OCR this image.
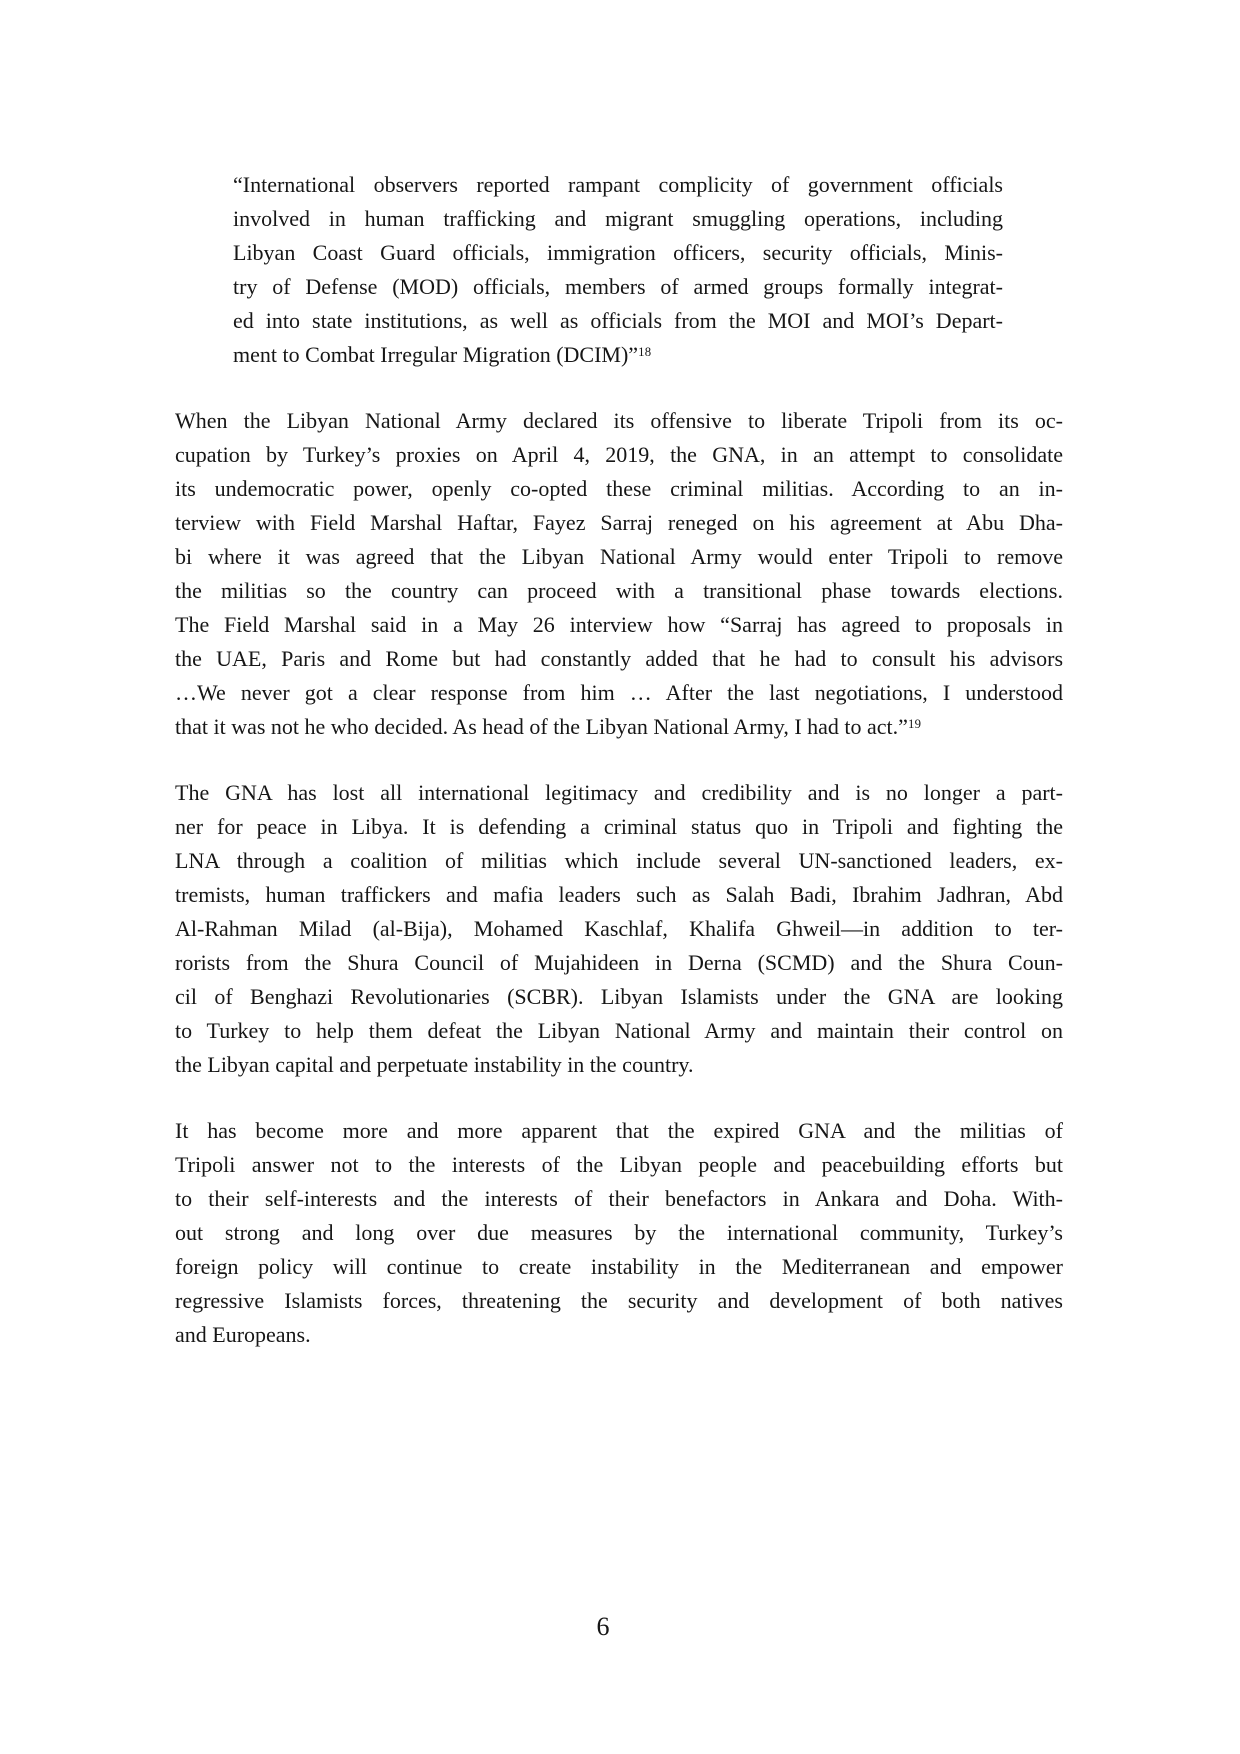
“International observers reported rampant complicity of government officials
involved in human trafficking and migrant smuggling operations, including
Libyan Coast Guard officials, immigration officers, security officials, Minis-
try of Defense (MOD) officials, members of armed groups formally integrat-
ed into state institutions, as well as officials from the MOI and MOI’s Depart-
ment to Combat Irregular Migration (DCIM)”$^{18}$
When the Libyan National Army declared its offensive to liberate Tripoli from its oc-
cupation by Turkey’s proxies on April 4, 2019, the GNA, in an attempt to consolidate
its undemocratic power, openly co-opted these criminal militias. According to an in-
terview with Field Marshal Haftar, Fayez Sarraj reneged on his agreement at Abu Dha-
bi where it was agreed that the Libyan National Army would enter Tripoli to remove
the militias so the country can proceed with a transitional phase towards elections.
The Field Marshal said in a May 26 interview how “Sarraj has agreed to proposals in
the UAE, Paris and Rome but had constantly added that he had to consult his advisors
…We never got a clear response from him … After the last negotiations, I understood
that it was not he who decided. As head of the Libyan National Army, I had to act.”$^{19}$
The GNA has lost all international legitimacy and credibility and is no longer a part-
ner for peace in Libya. It is defending a criminal status quo in Tripoli and fighting the
LNA through a coalition of militias which include several UN-sanctioned leaders, ex-
tremists, human traffickers and mafia leaders such as Salah Badi, Ibrahim Jadhran, Abd
Al-Rahman Milad (al-Bija), Mohamed Kaschlaf, Khalifa Ghweil—in addition to ter-
rorists from the Shura Council of Mujahideen in Derna (SCMD) and the Shura Coun-
cil of Benghazi Revolutionaries (SCBR). Libyan Islamists under the GNA are looking
to Turkey to help them defeat the Libyan National Army and maintain their control on
the Libyan capital and perpetuate instability in the country.
It has become more and more apparent that the expired GNA and the militias of
Tripoli answer not to the interests of the Libyan people and peacebuilding efforts but
to their self-interests and the interests of their benefactors in Ankara and Doha. With-
out strong and long over due measures by the international community, Turkey’s
foreign policy will continue to create instability in the Mediterranean and empower
regressive Islamists forces, threatening the security and development of both natives
and Europeans.
6
